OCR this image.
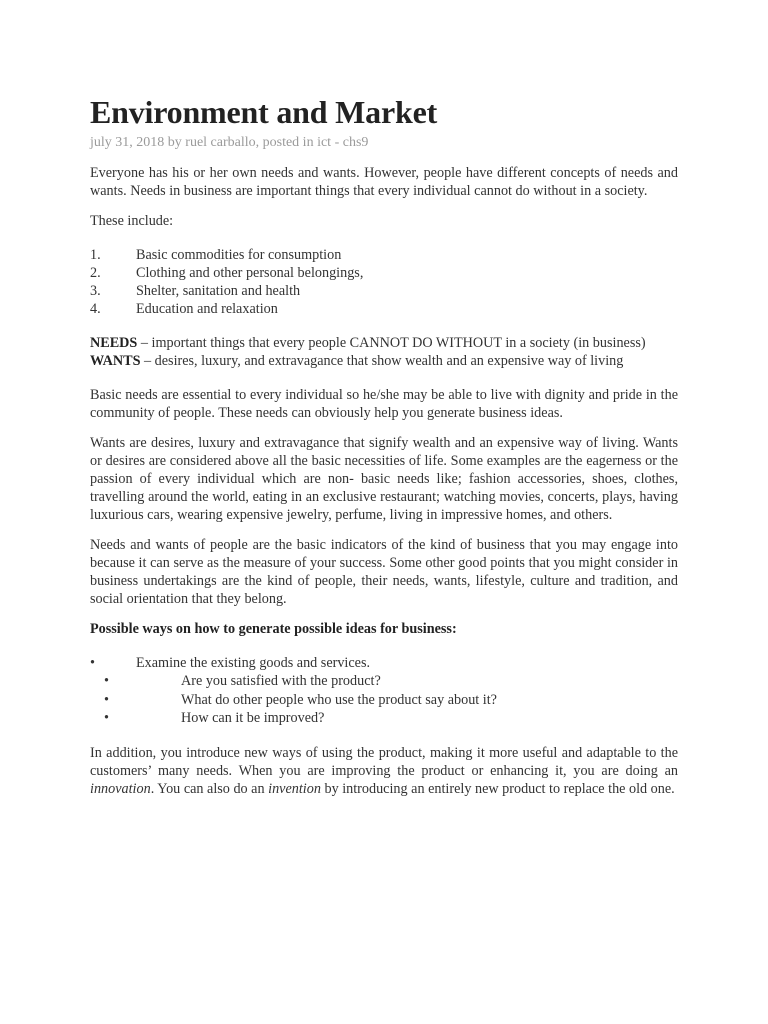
Environment and Market
july 31, 2018 by ruel carballo, posted in ict - chs9

Everyone has his or her own needs and wants. However, people have different concepts of needs and wants. Needs in business are important things that every individual cannot do without in a society.

These include:

1. Basic commodities for consumption
2. Clothing and other personal belongings,
3. Shelter, sanitation and health
4. Education and relaxation

NEEDS – important things that every people CANNOT DO WITHOUT in a society (in business)

WANTS – desires, luxury, and extravagance that show wealth and an expensive way of living

Basic needs are essential to every individual so he/she may be able to live with dignity and pride in the community of people. These needs can obviously help you generate business ideas.

Wants are desires, luxury and extravagance that signify wealth and an expensive way of living. Wants or desires are considered above all the basic necessities of life. Some examples are the eagerness or the passion of every individual which are non- basic needs like; fashion accessories, shoes, clothes, travelling around the world, eating in an exclusive restaurant; watching movies, concerts, plays, having luxurious cars, wearing expensive jewelry, perfume, living in impressive homes, and others.

Needs and wants of people are the basic indicators of the kind of business that you may engage into because it can serve as the measure of your success. Some other good points that you might consider in business undertakings are the kind of people, their needs, wants, lifestyle, culture and tradition, and social orientation that they belong.

Possible ways on how to generate possible ideas for business:

•	Examine the existing goods and services.
•	Are you satisfied with the product?
•	What do other people who use the product say about it?
•	How can it be improved?

In addition, you introduce new ways of using the product, making it more useful and adaptable to the customers’ many needs. When you are improving the product or enhancing it, you are doing an innovation. You can also do an invention by introducing an entirely new product to replace the old one.
